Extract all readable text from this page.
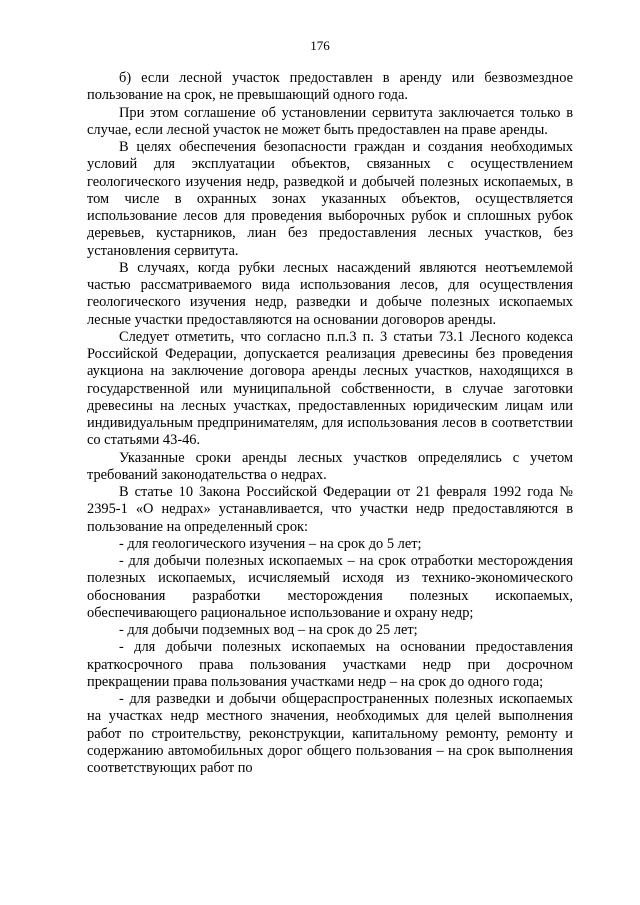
176

б) если лесной участок предоставлен в аренду или безвозмездное пользование на срок, не превышающий одного года.

При этом соглашение об установлении сервитута заключается только в случае, если лесной участок не может быть предоставлен на праве аренды.

В целях обеспечения безопасности граждан и создания необходимых условий для эксплуатации объектов, связанных с осуществлением геологического изучения недр, разведкой и добычей полезных ископаемых, в том числе в охранных зонах указанных объектов, осуществляется использование лесов для проведения выборочных рубок и сплошных рубок деревьев, кустарников, лиан без предоставления лесных участков, без установления сервитута.

В случаях, когда рубки лесных насаждений являются неотъемлемой частью рассматриваемого вида использования лесов, для осуществления геологического изучения недр, разведки и добыче полезных ископаемых лесные участки предоставляются на основании договоров аренды.

Следует отметить, что согласно п.п.3 п. 3 статьи 73.1 Лесного кодекса Российской Федерации, допускается реализация древесины без проведения аукциона на заключение договора аренды лесных участков, находящихся в государственной или муниципальной собственности, в случае заготовки древесины на лесных участках, предоставленных юридическим лицам или индивидуальным предпринимателям, для использования лесов в соответствии со статьями 43-46.

Указанные сроки аренды лесных участков определялись с учетом требований законодательства о недрах.

В статье 10 Закона Российской Федерации от 21 февраля 1992 года № 2395-1 «О недрах» устанавливается, что участки недр предоставляются в пользование на определенный срок:

- для геологического изучения – на срок до 5 лет;

- для добычи полезных ископаемых – на срок отработки месторождения полезных ископаемых, исчисляемый исходя из технико-экономического обоснования разработки месторождения полезных ископаемых, обеспечивающего рациональное использование и охрану недр;

- для добычи подземных вод – на срок до 25 лет;

- для добычи полезных ископаемых на основании предоставления краткосрочного права пользования участками недр при досрочном прекращении права пользования участками недр – на срок до одного года;

- для разведки и добычи общераспространенных полезных ископаемых на участках недр местного значения, необходимых для целей выполнения работ по строительству, реконструкции, капитальному ремонту, ремонту и содержанию автомобильных дорог общего пользования – на срок выполнения соответствующих работ по
